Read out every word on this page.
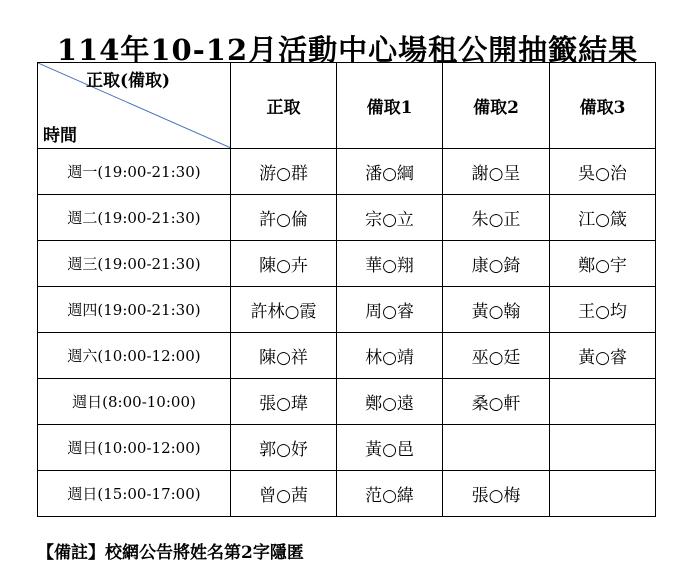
114年10-12月活動中心場租公開抽籤結果
正取(備取)
時間	正取	備取1	備取2	備取3
週一(19:00-21:30)	游○群	潘○綱	謝○呈	吳○治
週二(19:00-21:30)	許○倫	宗○立	朱○正	江○箴
週三(19:00-21:30)	陳○卉	華○翔	康○錡	鄭○宇
週四(19:00-21:30)	許林○霞	周○睿	黃○翰	王○均
週六(10:00-12:00)	陳○祥	林○靖	巫○廷	黃○睿
週日(8:00-10:00)	張○瑋	鄭○遠	桑○軒	
週日(10:00-12:00)	郭○妤	黃○邑		
週日(15:00-17:00)	曾○茜	范○緯	張○梅	
【備註】校網公告將姓名第2字隱匿
